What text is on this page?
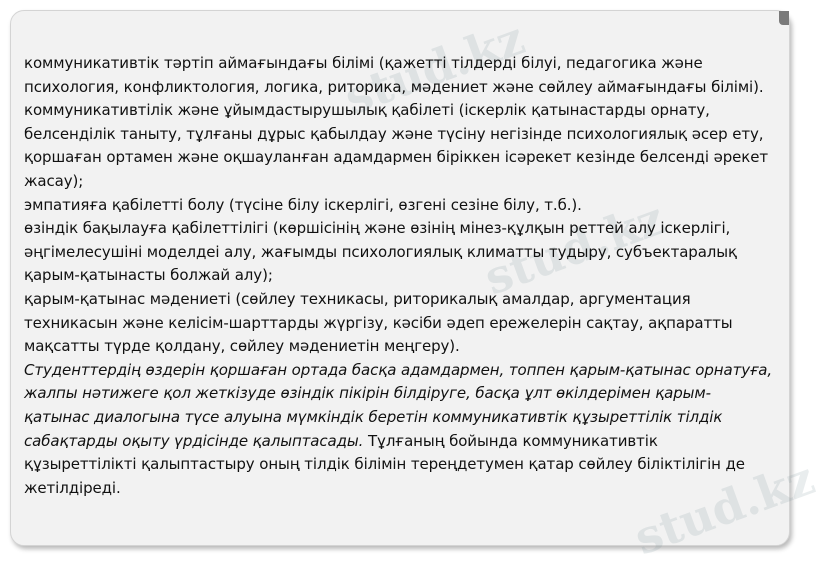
stud.kz
stud.kz
stud.kz

коммуникативтік тәртіп аймағындағы білімі (қажетті тілдерді білуі, педагогика және психология, конфликтология, логика, риторика, мәдениет және сөйлеу аймағындағы білімі).

коммуникативтілік және ұйымдастырушылық қабілеті (іскерлік қатынастарды орнату, белсенділік таныту, тұлғаны дұрыс қабылдау және түсіну негізінде психологиялық әсер ету, қоршаған ортамен және оқшауланған адамдармен біріккен ісәрекет кезінде белсенді әрекет жасау);

эмпатияға қабілетті болу (түсіне білу іскерлігі, өзгені сезіне білу, т.б.).

өзіндік бақылауға қабілеттілігі (көршісінің және өзінің мінез-құлқын реттей алу іскерлігі, әңгімелесушіні моделдеі алу, жағымды психологиялық климатты тудыру, субъектаралық қарым-қатынасты болжай алу);

қарым-қатынас мәдениеті (сөйлеу техникасы, риторикалық амалдар, аргументация техникасын және келісім-шарттарды жүргізу, кәсіби әдеп ережелерін сақтау, ақпаратты мақсатты түрде қолдану, сөйлеу мәдениетін меңгеру).

Студенттердің өздерін қоршаған ортада басқа адамдармен, топпен қарым-қатынас орнатуға, жалпы нәтижеге қол жеткізуде өзіндік пікірін білдіруге, басқа ұлт өкілдерімен қарым-қатынас диалогына түсе алуына мүмкіндік беретін коммуникативтік құзыреттілік тілдік сабақтарды оқыту үрдісінде қалыптасады. Тұлғаның бойында коммуникативтік құзыреттілікті қалыптастыру оның тілдік білімін тереңдетумен қатар сөйлеу біліктілігін де жетілдіреді.
